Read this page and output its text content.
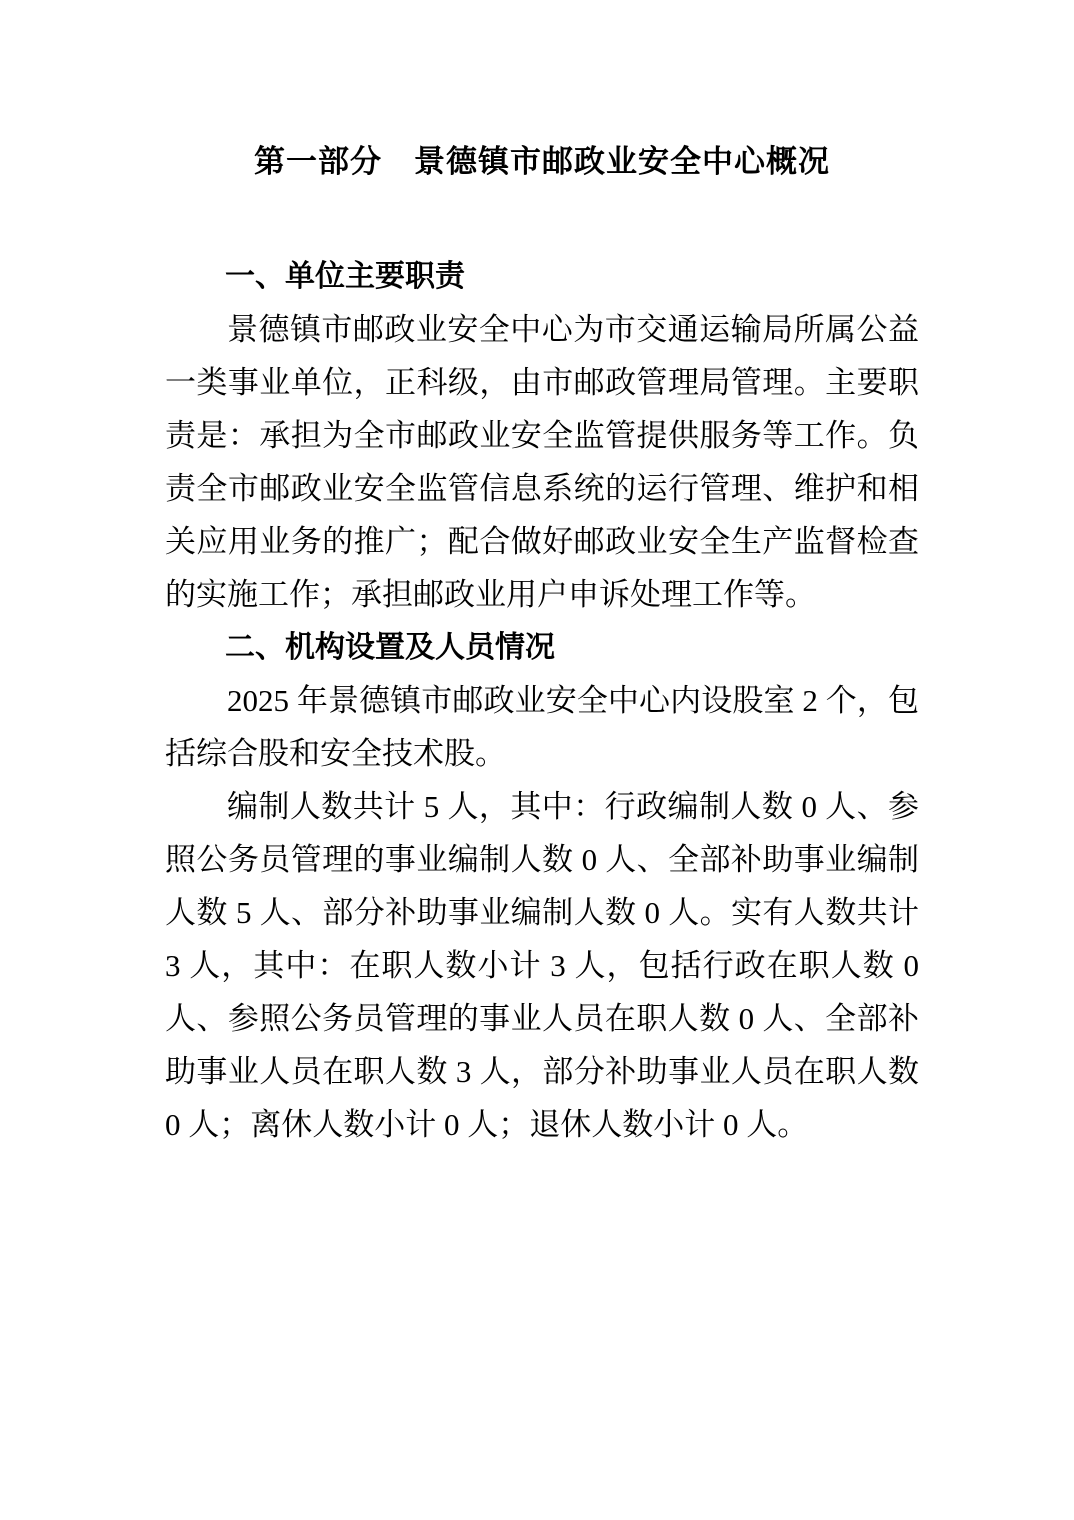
第一部分　景德镇市邮政业安全中心概况
一、单位主要职责

景德镇市邮政业安全中心为市交通运输局所属公益一类事业单位，正科级，由市邮政管理局管理。主要职责是：承担为全市邮政业安全监管提供服务等工作。负责全市邮政业安全监管信息系统的运行管理、维护和相关应用业务的推广；配合做好邮政业安全生产监督检查的实施工作；承担邮政业用户申诉处理工作等。

二、机构设置及人员情况

2025 年景德镇市邮政业安全中心内设股室 2 个，包括综合股和安全技术股。

编制人数共计 5 人，其中：行政编制人数 0 人、参照公务员管理的事业编制人数 0 人、全部补助事业编制人数 5 人、部分补助事业编制人数 0 人。实有人数共计 3 人，其中：在职人数小计 3 人，包括行政在职人数 0 人、参照公务员管理的事业人员在职人数 0 人、全部补助事业人员在职人数 3 人，部分补助事业人员在职人数 0 人；离休人数小计 0 人；退休人数小计 0 人。
